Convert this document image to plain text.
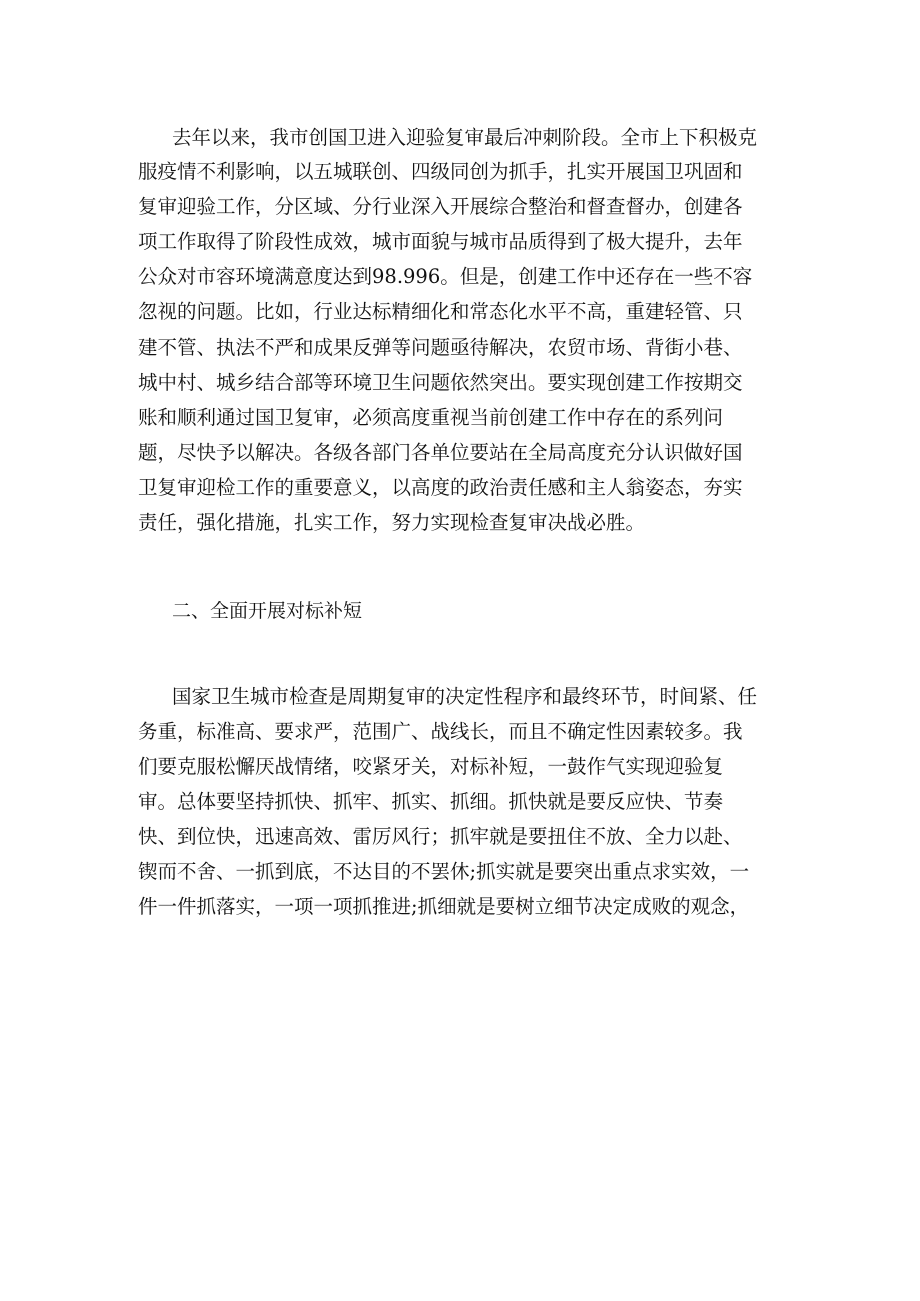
去年以来，我市创国卫进入迎验复审最后冲刺阶段。全市上下积极克
服疫情不利影响，以五城联创、四级同创为抓手，扎实开展国卫巩固和
复审迎验工作，分区域、分行业深入开展综合整治和督查督办，创建各
项工作取得了阶段性成效，城市面貌与城市品质得到了极大提升，去年
公众对市容环境满意度达到98.996。但是，创建工作中还存在一些不容
忽视的问题。比如，行业达标精细化和常态化水平不高，重建轻管、只
建不管、执法不严和成果反弹等问题亟待解决，农贸市场、背街小巷、
城中村、城乡结合部等环境卫生问题依然突出。要实现创建工作按期交
账和顺利通过国卫复审，必须高度重视当前创建工作中存在的系列问
题，尽快予以解决。各级各部门各单位要站在全局高度充分认识做好国
卫复审迎检工作的重要意义，以高度的政治责任感和主人翁姿态，夯实
责任，强化措施，扎实工作，努力实现检查复审决战必胜。
二、全面开展对标补短
国家卫生城市检查是周期复审的决定性程序和最终环节，时间紧、任
务重，标准高、要求严，范围广、战线长，而且不确定性因素较多。我
们要克服松懈厌战情绪，咬紧牙关，对标补短，一鼓作气实现迎验复
审。总体要坚持抓快、抓牢、抓实、抓细。抓快就是要反应快、节奏
快、到位快，迅速高效、雷厉风行；抓牢就是要扭住不放、全力以赴、
锲而不舍、一抓到底，不达目的不罢休;抓实就是要突出重点求实效，一
件一件抓落实，一项一项抓推进;抓细就是要树立细节决定成败的观念，
